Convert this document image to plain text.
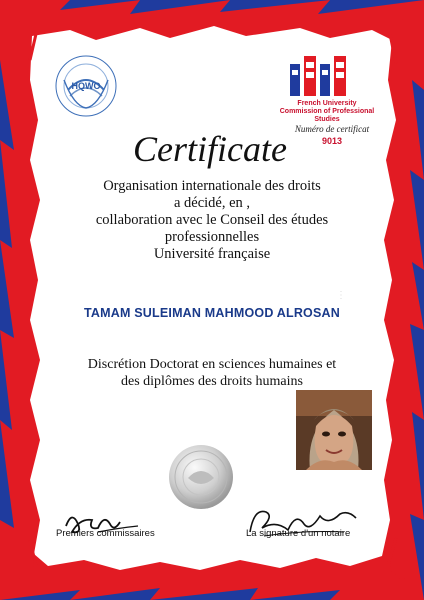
HQWO
French University
Commission of Professional Studies
Numéro de certificat
9013
Certificate
Organisation internationale des droits
a décidé, en ,
collaboration avec le Conseil des études
professionnelles
Université française
⋮
TAMAM SULEIMAN MAHMOOD ALROSAN
Discrétion Doctorat en sciences humaines et
des diplômes des droits humains
Premiers commissaires	La signature d'un notaire
